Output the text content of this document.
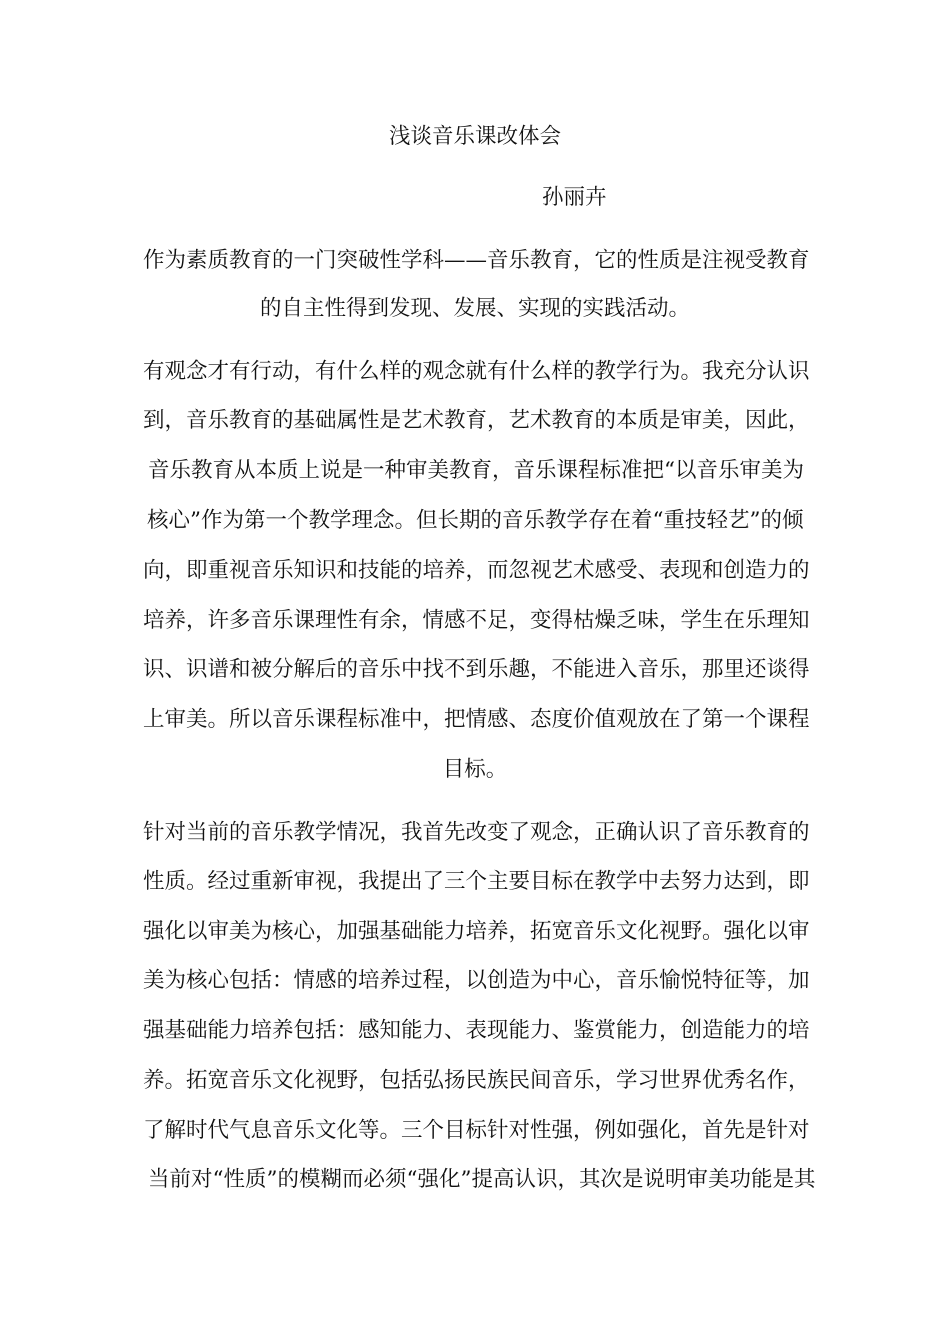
浅谈音乐课改体会
孙丽卉
作为素质教育的一门突破性学科——音乐教育，它的性质是注视受教育
的自主性得到发现、发展、实现的实践活动。
有观念才有行动，有什么样的观念就有什么样的教学行为。我充分认识
到，音乐教育的基础属性是艺术教育，艺术教育的本质是审美，因此，
音乐教育从本质上说是一种审美教育，音乐课程标准把“以音乐审美为
核心”作为第一个教学理念。但长期的音乐教学存在着“重技轻艺”的倾
向，即重视音乐知识和技能的培养，而忽视艺术感受、表现和创造力的
培养，许多音乐课理性有余，情感不足，变得枯燥乏味，学生在乐理知
识、识谱和被分解后的音乐中找不到乐趣，不能进入音乐，那里还谈得
上审美。所以音乐课程标准中，把情感、态度价值观放在了第一个课程
目标。
针对当前的音乐教学情况，我首先改变了观念，正确认识了音乐教育的
性质。经过重新审视，我提出了三个主要目标在教学中去努力达到，即
强化以审美为核心，加强基础能力培养，拓宽音乐文化视野。强化以审
美为核心包括：情感的培养过程，以创造为中心，音乐愉悦特征等，加
强基础能力培养包括：感知能力、表现能力、鉴赏能力，创造能力的培
养。拓宽音乐文化视野，包括弘扬民族民间音乐，学习世界优秀名作，
了解时代气息音乐文化等。三个目标针对性强，例如强化，首先是针对
当前对“性质”的模糊而必须“强化”提高认识，其次是说明审美功能是其
